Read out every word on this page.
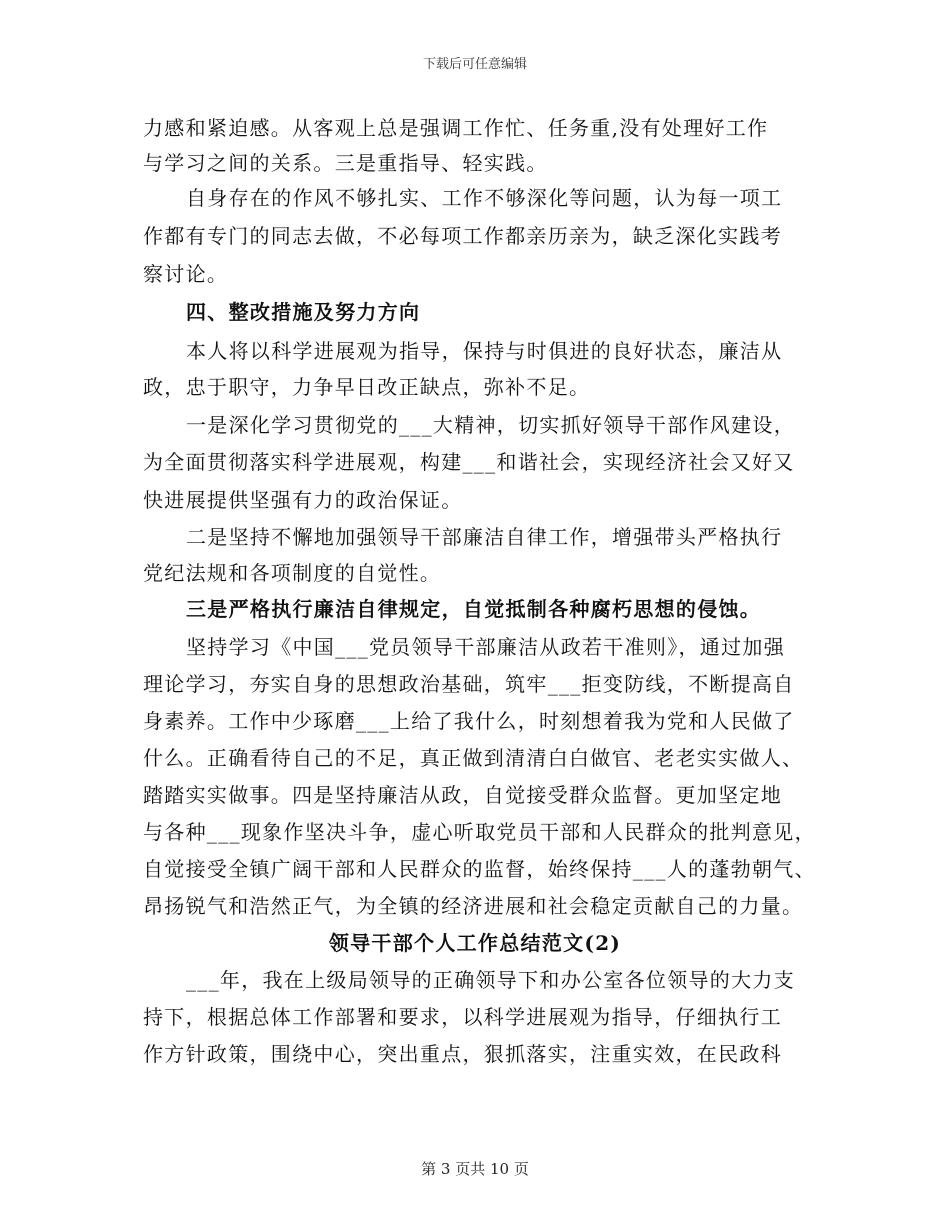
下载后可任意编辑
力感和紧迫感。从客观上总是强调工作忙、任务重,没有处理好工作
与学习之间的关系。三是重指导、轻实践。
自身存在的作风不够扎实、工作不够深化等问题，认为每一项工
作都有专门的同志去做，不必每项工作都亲历亲为，缺乏深化实践考
察讨论。
四、整改措施及努力方向
本人将以科学进展观为指导，保持与时俱进的良好状态，廉洁从
政，忠于职守，力争早日改正缺点，弥补不足。
一是深化学习贯彻党的___大精神，切实抓好领导干部作风建设，
为全面贯彻落实科学进展观，构建___和谐社会，实现经济社会又好又
快进展提供坚强有力的政治保证。
二是坚持不懈地加强领导干部廉洁自律工作，增强带头严格执行
党纪法规和各项制度的自觉性。
三是严格执行廉洁自律规定，自觉抵制各种腐朽思想的侵蚀。
坚持学习《中国___党员领导干部廉洁从政若干准则》，通过加强
理论学习，夯实自身的思想政治基础，筑牢___拒变防线，不断提高自
身素养。工作中少琢磨___上给了我什么，时刻想着我为党和人民做了
什么。正确看待自己的不足，真正做到清清白白做官、老老实实做人、
踏踏实实做事。四是坚持廉洁从政，自觉接受群众监督。更加坚定地
与各种___现象作坚决斗争，虚心听取党员干部和人民群众的批判意见，
自觉接受全镇广阔干部和人民群众的监督，始终保持___人的蓬勃朝气、
昂扬锐气和浩然正气，为全镇的经济进展和社会稳定贡献自己的力量。
领导干部个人工作总结范文(2)
___年，我在上级局领导的正确领导下和办公室各位领导的大力支
持下，根据总体工作部署和要求，以科学进展观为指导，仔细执行工
作方针政策，围绕中心，突出重点，狠抓落实，注重实效，在民政科
第 3 页共 10 页
